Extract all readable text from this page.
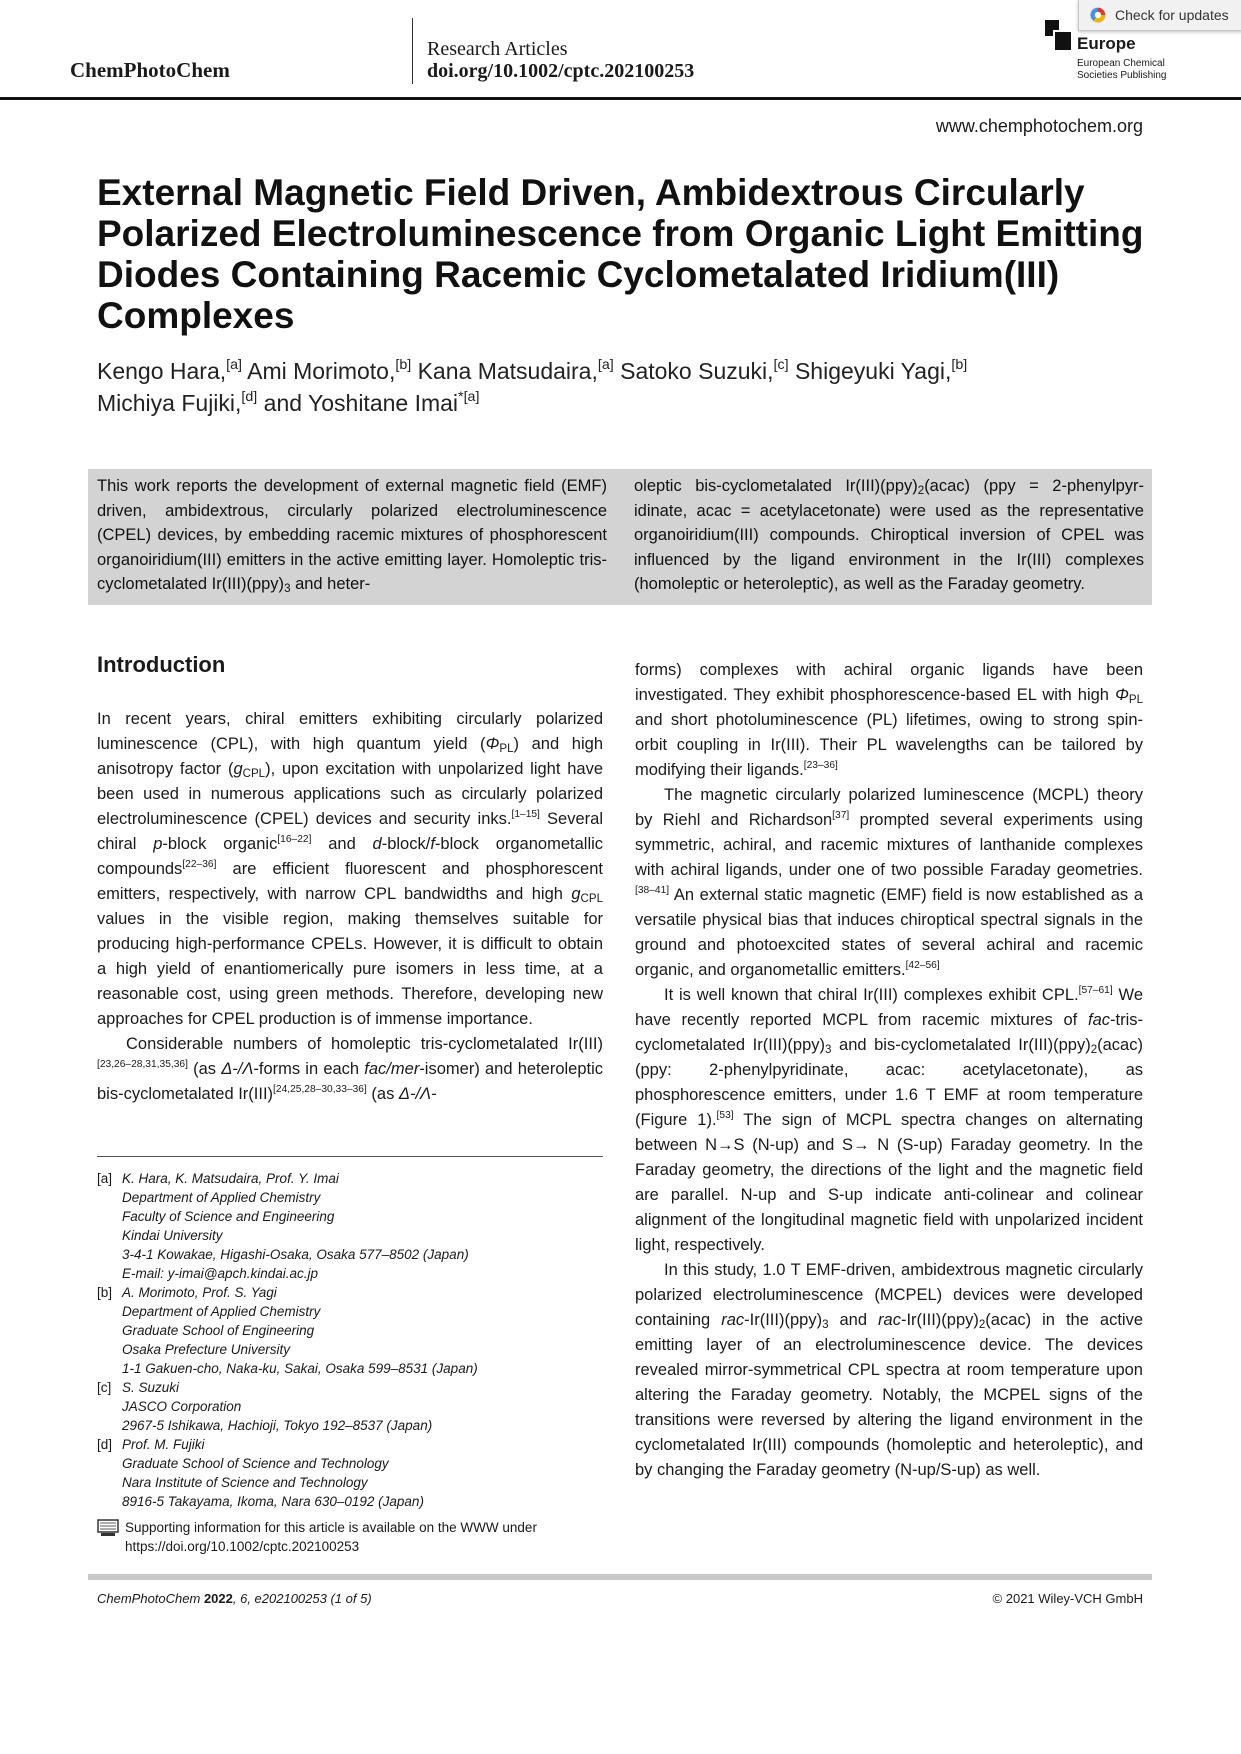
ChemPhotoChem
Research Articles
doi.org/10.1002/cptc.202100253
Europe
European Chemical
Societies Publishing
Check for updates
www.chemphotochem.org
External Magnetic Field Driven, Ambidextrous Circularly
Polarized Electroluminescence from Organic Light Emitting
Diodes Containing Racemic Cyclometalated Iridium(III)
Complexes
Kengo Hara,[a] Ami Morimoto,[b] Kana Matsudaira,[a] Satoko Suzuki,[c] Shigeyuki Yagi,[b]
Michiya Fujiki,[d] and Yoshitane Imai$^{*[a]}$
This work reports the development of external magnetic field (EMF) driven, ambidextrous, circularly polarized electroluminescence (CPEL) devices, by embedding racemic mixtures of phosphorescent organoiridium(III) emitters in the active emitting layer. Homoleptic tris-cyclometalated $Ir(III)(ppy)_3$ and heter-
oleptic bis-cyclometalated $Ir(III)(ppy)_2(acac) (ppy$ = 2-phenylpyridinate, acac = acetylacetonate) were used as the representative organoiridium(III) compounds. Chiroptical inversion of CPEL was influenced by the ligand environment in the Ir(III) complexes (homoleptic or heteroleptic), as well as the Faraday geometry.
Introduction

In recent years, chiral emitters exhibiting circularly polarized luminescence (CPL), with high quantum yield $(\Phi_{PL})$ and high anisotropy factor $(g_{CPL})$, upon excitation with unpolarized light have been used in numerous applications such as circularly polarized electroluminescence (CPEL) devices and security inks.[1–15] Several chiral p-block organic[16–22] and d-block/f-block organometallic compounds[22–36] are efficient fluorescent and phosphorescent emitters, respectively, with narrow CPL bandwidths and high $g_{CPL}$ values in the visible region, making themselves suitable for producing high-performance CPELs. However, it is difficult to obtain a high yield of enantiomerically pure isomers in less time, at a reasonable cost, using green methods. Therefore, developing new approaches for CPEL production is of immense importance.

Considerable numbers of homoleptic tris-cyclometalated Ir(III)[23,26–28,31,35,36] (as Δ-/Λ-forms in each fac/mer-isomer) and heteroleptic bis-cyclometalated Ir(III)[24,25,28–30,33–36] (as Δ-/Λ-

forms) complexes with achiral organic ligands have been investigated. They exhibit phosphorescence-based EL with high $\Phi_{PL}$ and short photoluminescence (PL) lifetimes, owing to strong spin-orbit coupling in Ir(III). Their PL wavelengths can be tailored by modifying their ligands.[23–36]

The magnetic circularly polarized luminescence (MCPL) theory by Riehl and Richardson[37] prompted several experiments using symmetric, achiral, and racemic mixtures of lanthanide complexes with achiral ligands, under one of two possible Faraday geometries.[38–41] An external static magnetic (EMF) field is now established as a versatile physical bias that induces chiroptical spectral signals in the ground and photoexcited states of several achiral and racemic organic, and organometallic emitters.[42–56]

It is well known that chiral Ir(III) complexes exhibit CPL.[57–61] We have recently reported MCPL from racemic mixtures of fac-tris-cyclometalated $Ir(III)(ppy)_3$ and bis-cyclometalated $Ir(III)(ppy)_2(acac)$ (ppy: 2-phenylpyridinate, acac: acetylacetonate), as phosphorescence emitters, under 1.6 T EMF at room temperature (Figure 1).[53] The sign of MCPL spectra changes on alternating between N→S (N-up) and S→ N (S-up) Faraday geometry. In the Faraday geometry, the directions of the light and the magnetic field are parallel. N-up and S-up indicate anti-colinear and colinear alignment of the longitudinal magnetic field with unpolarized incident light, respectively.

In this study, 1.0 T EMF-driven, ambidextrous magnetic circularly polarized electroluminescence (MCPEL) devices were developed containing rac-$Ir(III)(ppy)_3$ and rac-$Ir(III)(ppy)_2(acac)$ in the active emitting layer of an electroluminescence device. The devices revealed mirror-symmetrical CPL spectra at room temperature upon altering the Faraday geometry. Notably, the MCPEL signs of the transitions were reversed by altering the ligand environment in the cyclometalated Ir(III) compounds (homoleptic and heteroleptic), and by changing the Faraday geometry (N-up/S-up) as well.

[a] K. Hara, K. Matsudaira, Prof. Y. Imai
Department of Applied Chemistry
Faculty of Science and Engineering
Kindai University
3-4-1 Kowakae, Higashi-Osaka, Osaka 577–8502 (Japan)
E-mail: y-imai@apch.kindai.ac.jp
[b] A. Morimoto, Prof. S. Yagi
Department of Applied Chemistry
Graduate School of Engineering
Osaka Prefecture University
1-1 Gakuen-cho, Naka-ku, Sakai, Osaka 599–8531 (Japan)
[c] S. Suzuki
JASCO Corporation
2967-5 Ishikawa, Hachioji, Tokyo 192–8537 (Japan)
[d] Prof. M. Fujiki
Graduate School of Science and Technology
Nara Institute of Science and Technology
8916-5 Takayama, Ikoma, Nara 630–0192 (Japan)
Supporting information for this article is available on the WWW under https://doi.org/10.1002/cptc.202100253
ChemPhotoChem 2022, 6, e202100253 (1 of 5)	© 2021 Wiley-VCH GmbH
